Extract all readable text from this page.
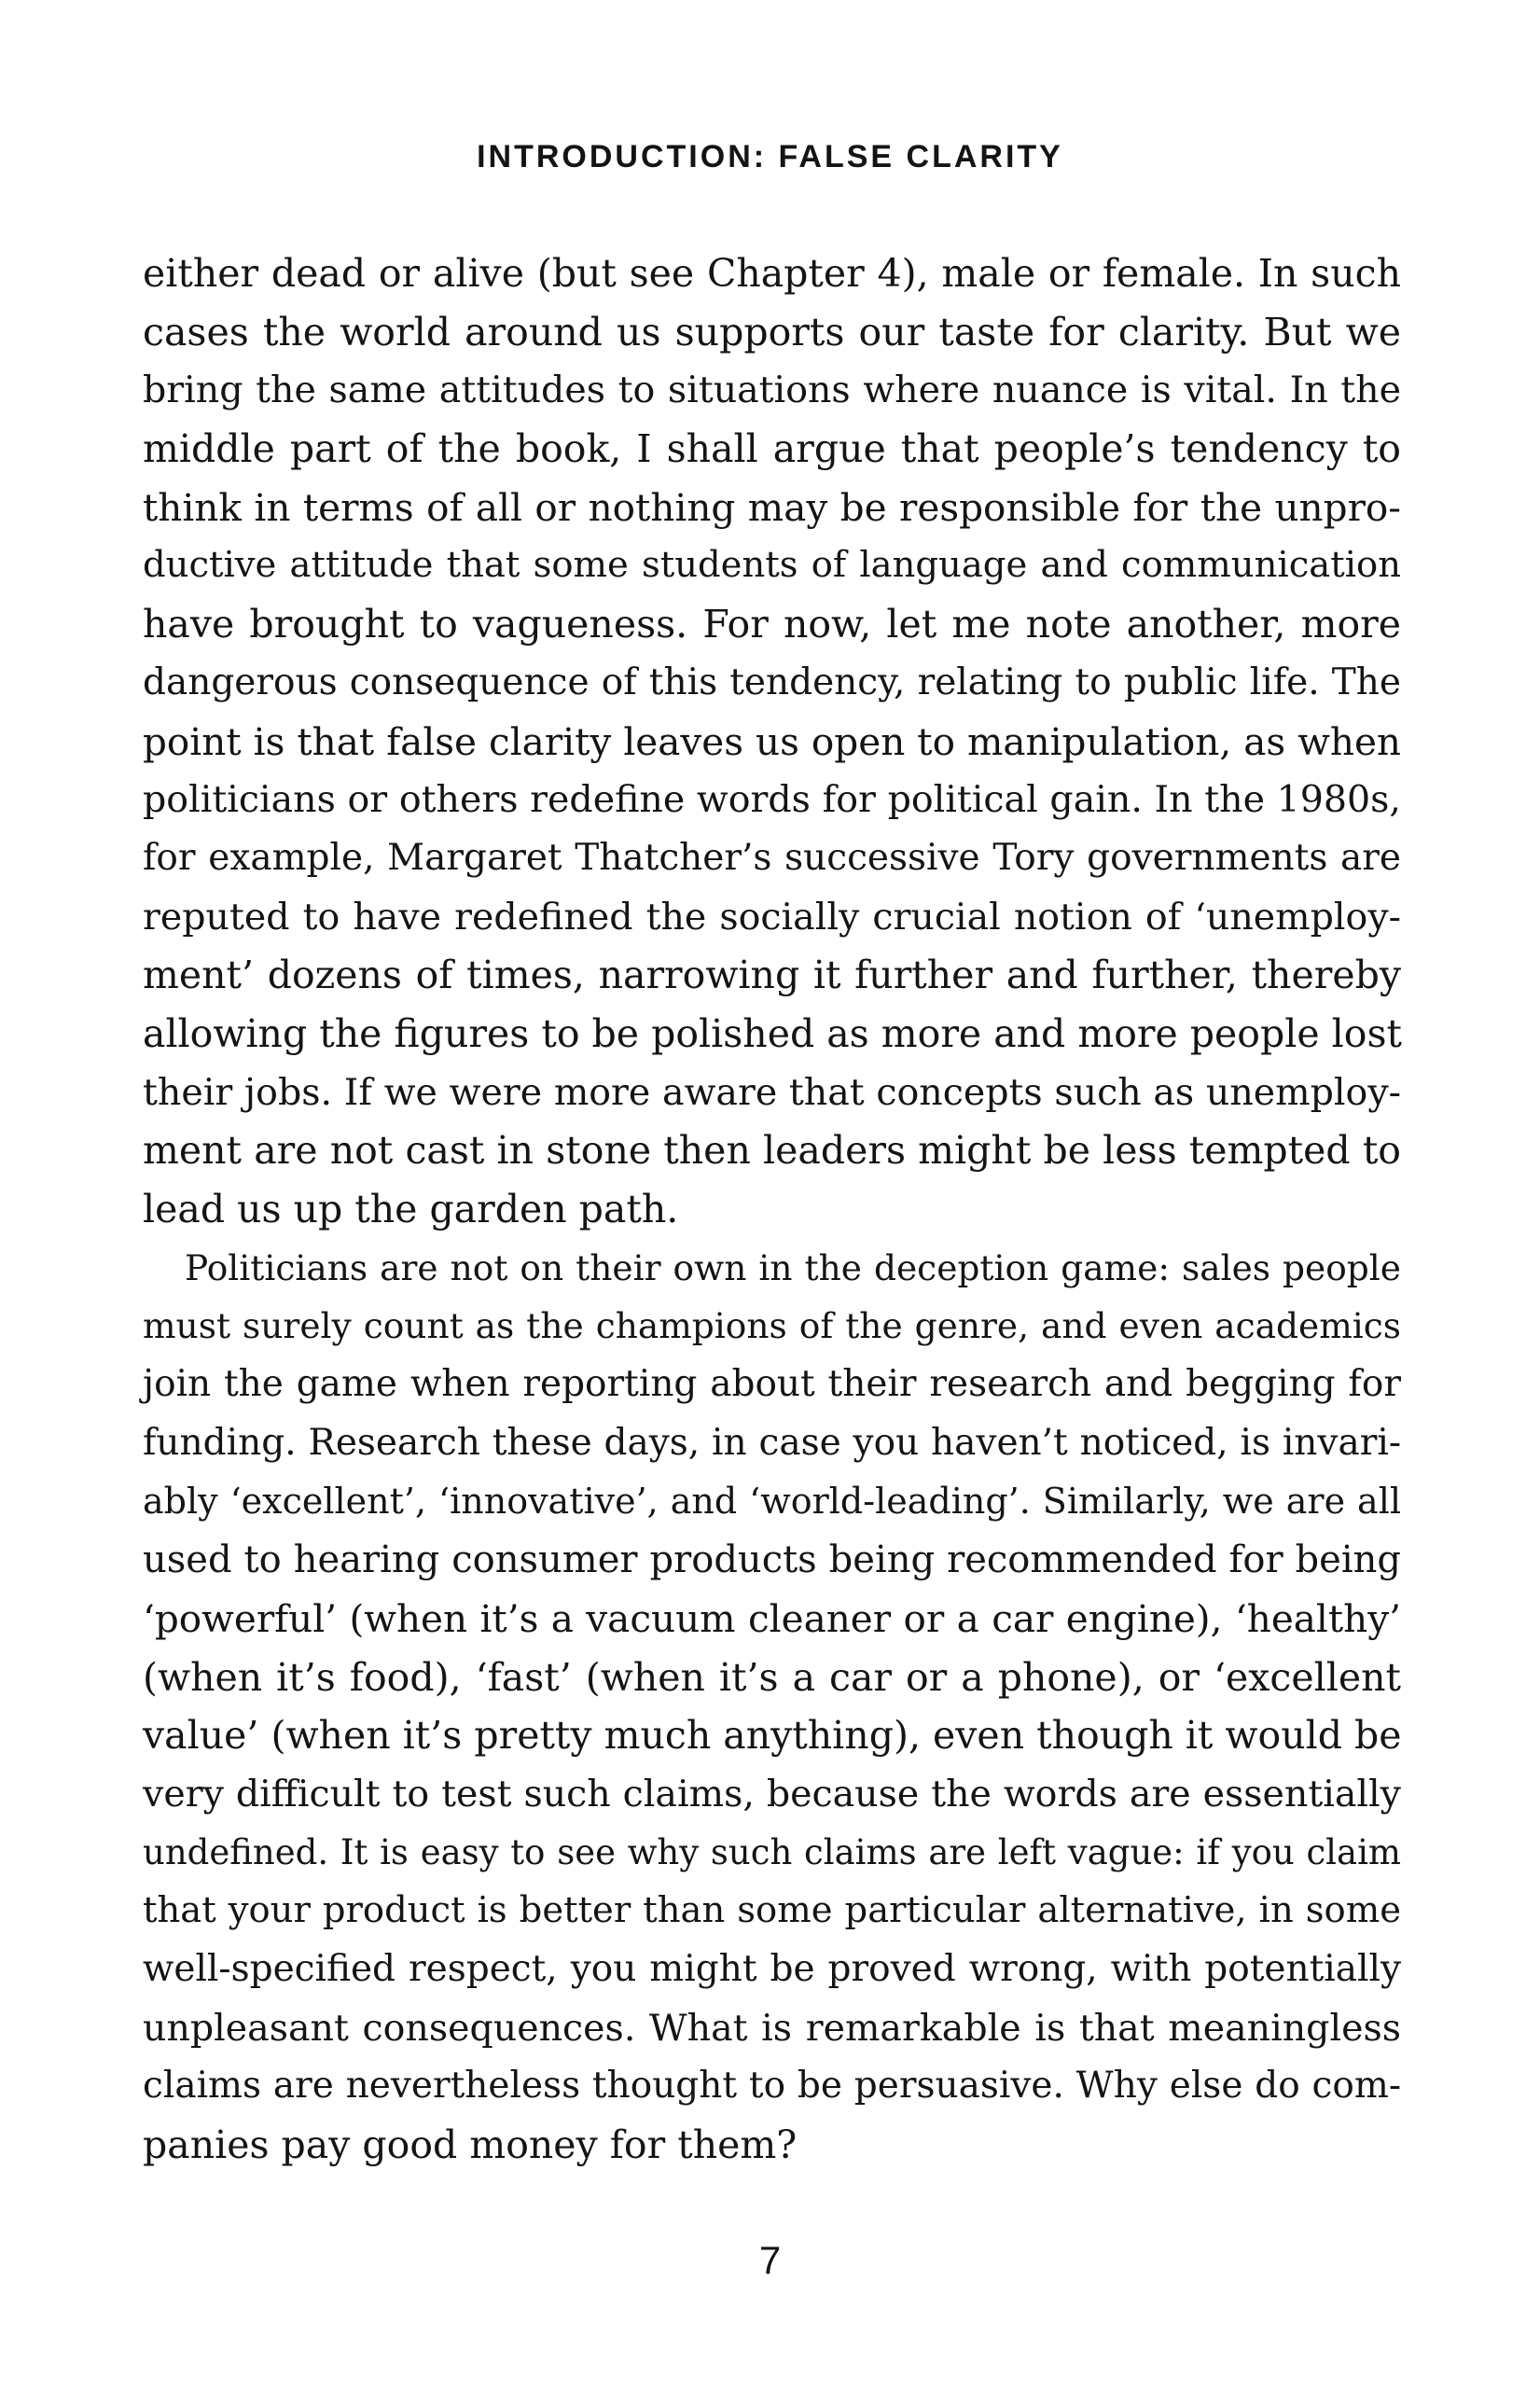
INTRODUCTION: FALSE CLARITY
either dead or alive (but see Chapter 4), male or female. In such
cases the world around us supports our taste for clarity. But we
bring the same attitudes to situations where nuance is vital. In the
middle part of the book, I shall argue that people’s tendency to
think in terms of all or nothing may be responsible for the unpro-
ductive attitude that some students of language and communication
have brought to vagueness. For now, let me note another, more
dangerous consequence of this tendency, relating to public life. The
point is that false clarity leaves us open to manipulation, as when
politicians or others redefine words for political gain. In the 1980s,
for example, Margaret Thatcher’s successive Tory governments are
reputed to have redefined the socially crucial notion of ‘unemploy-
ment’ dozens of times, narrowing it further and further, thereby
allowing the figures to be polished as more and more people lost
their jobs. If we were more aware that concepts such as unemploy-
ment are not cast in stone then leaders might be less tempted to
lead us up the garden path.
Politicians are not on their own in the deception game: sales people
must surely count as the champions of the genre, and even academics
join the game when reporting about their research and begging for
funding. Research these days, in case you haven’t noticed, is invari-
ably ‘excellent’, ‘innovative’, and ‘world-leading’. Similarly, we are all
used to hearing consumer products being recommended for being
‘powerful’ (when it’s a vacuum cleaner or a car engine), ‘healthy’
(when it’s food), ‘fast’ (when it’s a car or a phone), or ‘excellent
value’ (when it’s pretty much anything), even though it would be
very difficult to test such claims, because the words are essentially
undefined. It is easy to see why such claims are left vague: if you claim
that your product is better than some particular alternative, in some
well-specified respect, you might be proved wrong, with potentially
unpleasant consequences. What is remarkable is that meaningless
claims are nevertheless thought to be persuasive. Why else do com-
panies pay good money for them?
7
